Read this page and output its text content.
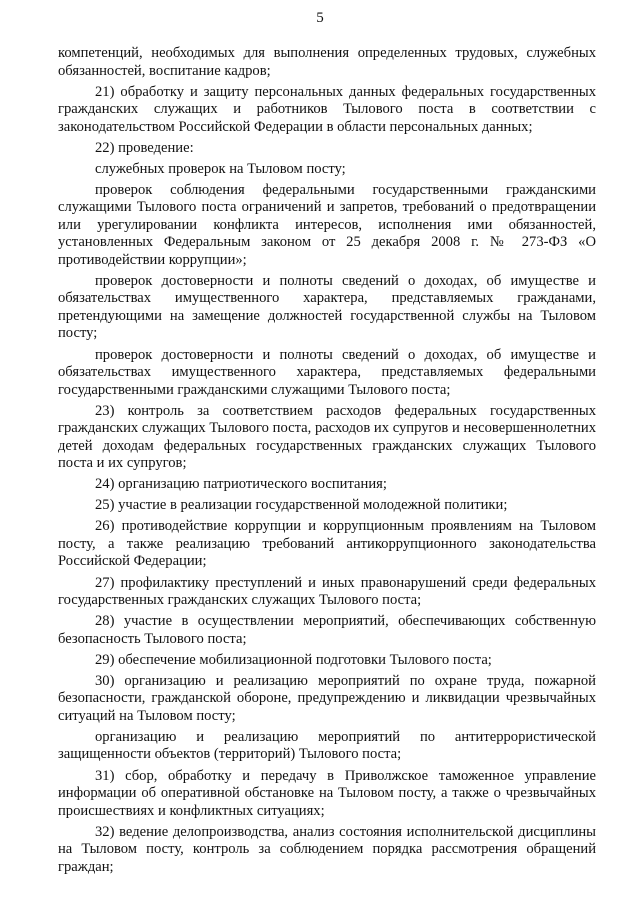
5

компетенций, необходимых для выполнения определенных трудовых, служебных обязанностей, воспитание кадров;

21) обработку и защиту персональных данных федеральных государственных гражданских служащих и работников Тылового поста в соответствии с законодательством Российской Федерации в области персональных данных;

22) проведение:

служебных проверок на Тыловом посту;

проверок соблюдения федеральными государственными гражданскими служащими Тылового поста ограничений и запретов, требований о предотвращении или урегулировании конфликта интересов, исполнения ими обязанностей, установленных Федеральным законом от 25 декабря 2008 г. № 273-ФЗ «О противодействии коррупции»;

проверок достоверности и полноты сведений о доходах, об имуществе и обязательствах имущественного характера, представляемых гражданами, претендующими на замещение должностей государственной службы на Тыловом посту;

проверок достоверности и полноты сведений о доходах, об имуществе и обязательствах имущественного характера, представляемых федеральными государственными гражданскими служащими Тылового поста;

23) контроль за соответствием расходов федеральных государственных гражданских служащих Тылового поста, расходов их супругов и несовершеннолетних детей доходам федеральных государственных гражданских служащих Тылового поста и их супругов;

24) организацию патриотического воспитания;

25) участие в реализации государственной молодежной политики;

26) противодействие коррупции и коррупционным проявлениям на Тыловом посту, а также реализацию требований антикоррупционного законодательства Российской Федерации;

27) профилактику преступлений и иных правонарушений среди федеральных государственных гражданских служащих Тылового поста;

28) участие в осуществлении мероприятий, обеспечивающих собственную безопасность Тылового поста;

29) обеспечение мобилизационной подготовки Тылового поста;

30) организацию и реализацию мероприятий по охране труда, пожарной безопасности, гражданской обороне, предупреждению и ликвидации чрезвычайных ситуаций на Тыловом посту;

организацию и реализацию мероприятий по антитеррористической защищенности объектов (территорий) Тылового поста;

31) сбор, обработку и передачу в Приволжское таможенное управление информации об оперативной обстановке на Тыловом посту, а также о чрезвычайных происшествиях и конфликтных ситуациях;

32) ведение делопроизводства, анализ состояния исполнительской дисциплины на Тыловом посту, контроль за соблюдением порядка рассмотрения обращений граждан;
